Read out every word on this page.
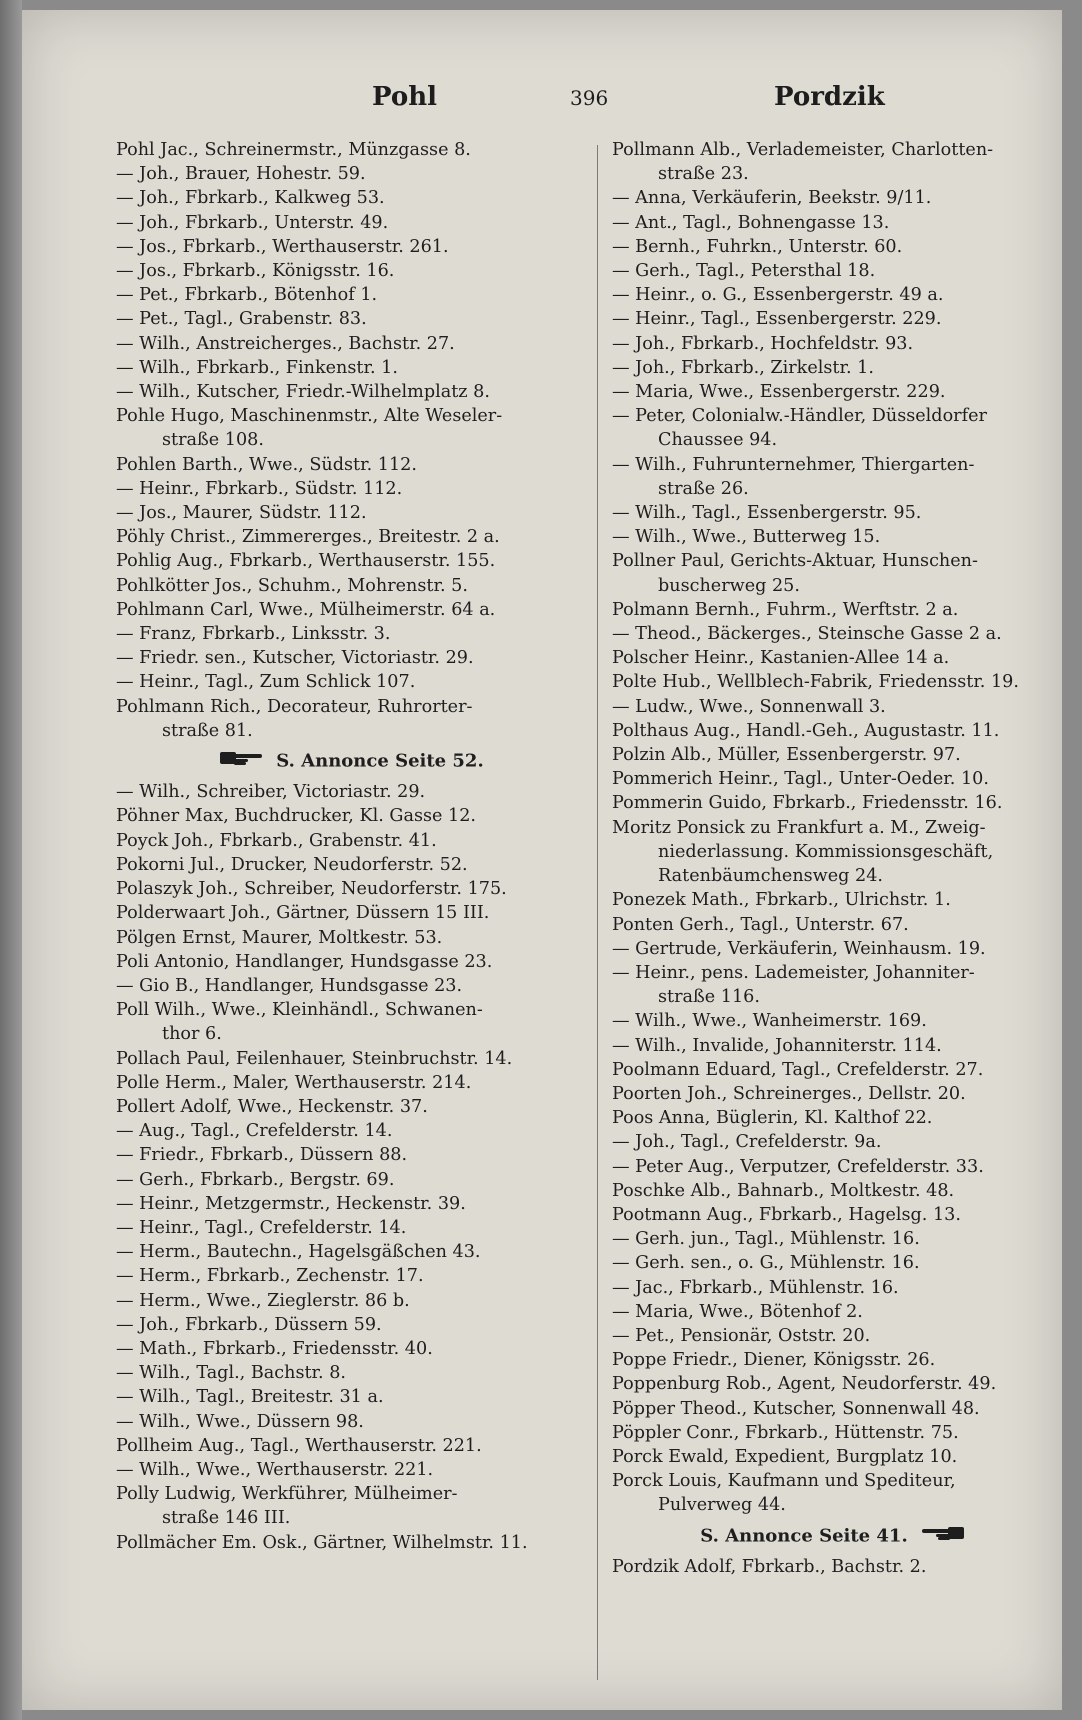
Pohl	396	Pordzik
Pohl Jac., Schreinermstr., Münzgasse 8.
— Joh., Brauer, Hohestr. 59.
— Joh., Fbrkarb., Kalkweg 53.
— Joh., Fbrkarb., Unterstr. 49.
— Jos., Fbrkarb., Werthauserstr. 261.
— Jos., Fbrkarb., Königsstr. 16.
— Pet., Fbrkarb., Bötenhof 1.
— Pet., Tagl., Grabenstr. 83.
— Wilh., Anstreicherges., Bachstr. 27.
— Wilh., Fbrkarb., Finkenstr. 1.
— Wilh., Kutscher, Friedr.-Wilhelmplatz 8.
Pohle Hugo, Maschinenmstr., Alte Weseler-
straße 108.
Pohlen Barth., Wwe., Südstr. 112.
— Heinr., Fbrkarb., Südstr. 112.
— Jos., Maurer, Südstr. 112.
Pöhly Christ., Zimmererges., Breitestr. 2 a.
Pohlig Aug., Fbrkarb., Werthauserstr. 155.
Pohlkötter Jos., Schuhm., Mohrenstr. 5.
Pohlmann Carl, Wwe., Mülheimerstr. 64 a.
— Franz, Fbrkarb., Linksstr. 3.
— Friedr. sen., Kutscher, Victoriastr. 29.
— Heinr., Tagl., Zum Schlick 107.
Pohlmann Rich., Decorateur, Ruhrorter-
straße 81.
S. Annonce Seite 52.
— Wilh., Schreiber, Victoriastr. 29.
Pöhner Max, Buchdrucker, Kl. Gasse 12.
Poyck Joh., Fbrkarb., Grabenstr. 41.
Pokorni Jul., Drucker, Neudorferstr. 52.
Polaszyk Joh., Schreiber, Neudorferstr. 175.
Polderwaart Joh., Gärtner, Düssern 15 III.
Pölgen Ernst, Maurer, Moltkestr. 53.
Poli Antonio, Handlanger, Hundsgasse 23.
— Gio B., Handlanger, Hundsgasse 23.
Poll Wilh., Wwe., Kleinhändl., Schwanen-
thor 6.
Pollach Paul, Feilenhauer, Steinbruchstr. 14.
Polle Herm., Maler, Werthauserstr. 214.
Pollert Adolf, Wwe., Heckenstr. 37.
— Aug., Tagl., Crefelderstr. 14.
— Friedr., Fbrkarb., Düssern 88.
— Gerh., Fbrkarb., Bergstr. 69.
— Heinr., Metzgermstr., Heckenstr. 39.
— Heinr., Tagl., Crefelderstr. 14.
— Herm., Bautechn., Hagelsgäßchen 43.
— Herm., Fbrkarb., Zechenstr. 17.
— Herm., Wwe., Zieglerstr. 86 b.
— Joh., Fbrkarb., Düssern 59.
— Math., Fbrkarb., Friedensstr. 40.
— Wilh., Tagl., Bachstr. 8.
— Wilh., Tagl., Breitestr. 31 a.
— Wilh., Wwe., Düssern 98.
Pollheim Aug., Tagl., Werthauserstr. 221.
— Wilh., Wwe., Werthauserstr. 221.
Polly Ludwig, Werkführer, Mülheimer-
straße 146 III.
Pollmächer Em. Osk., Gärtner, Wilhelmstr. 11.
Pollmann Alb., Verlademeister, Charlotten-
straße 23.
— Anna, Verkäuferin, Beekstr. 9/11.
— Ant., Tagl., Bohnengasse 13.
— Bernh., Fuhrkn., Unterstr. 60.
— Gerh., Tagl., Petersthal 18.
— Heinr., o. G., Essenbergerstr. 49 a.
— Heinr., Tagl., Essenbergerstr. 229.
— Joh., Fbrkarb., Hochfeldstr. 93.
— Joh., Fbrkarb., Zirkelstr. 1.
— Maria, Wwe., Essenbergerstr. 229.
— Peter, Colonialw.-Händler, Düsseldorfer
Chaussee 94.
— Wilh., Fuhrunternehmer, Thiergarten-
straße 26.
— Wilh., Tagl., Essenbergerstr. 95.
— Wilh., Wwe., Butterweg 15.
Pollner Paul, Gerichts-Aktuar, Hunschen-
buscherweg 25.
Polmann Bernh., Fuhrm., Werftstr. 2 a.
— Theod., Bäckerges., Steinsche Gasse 2 a.
Polscher Heinr., Kastanien-Allee 14 a.
Polte Hub., Wellblech-Fabrik, Friedensstr. 19.
— Ludw., Wwe., Sonnenwall 3.
Polthaus Aug., Handl.-Geh., Augustastr. 11.
Polzin Alb., Müller, Essenbergerstr. 97.
Pommerich Heinr., Tagl., Unter-Oeder. 10.
Pommerin Guido, Fbrkarb., Friedensstr. 16.
Moritz Ponsick zu Frankfurt a. M., Zweig-
niederlassung. Kommissionsgeschäft,
Ratenbäumchensweg 24.
Ponezek Math., Fbrkarb., Ulrichstr. 1.
Ponten Gerh., Tagl., Unterstr. 67.
— Gertrude, Verkäuferin, Weinhausm. 19.
— Heinr., pens. Lademeister, Johanniter-
straße 116.
— Wilh., Wwe., Wanheimerstr. 169.
— Wilh., Invalide, Johanniterstr. 114.
Poolmann Eduard, Tagl., Crefelderstr. 27.
Poorten Joh., Schreinerges., Dellstr. 20.
Poos Anna, Büglerin, Kl. Kalthof 22.
— Joh., Tagl., Crefelderstr. 9a.
— Peter Aug., Verputzer, Crefelderstr. 33.
Poschke Alb., Bahnarb., Moltkestr. 48.
Pootmann Aug., Fbrkarb., Hagelsg. 13.
— Gerh. jun., Tagl., Mühlenstr. 16.
— Gerh. sen., o. G., Mühlenstr. 16.
— Jac., Fbrkarb., Mühlenstr. 16.
— Maria, Wwe., Bötenhof 2.
— Pet., Pensionär, Oststr. 20.
Poppe Friedr., Diener, Königsstr. 26.
Poppenburg Rob., Agent, Neudorferstr. 49.
Pöpper Theod., Kutscher, Sonnenwall 48.
Pöppler Conr., Fbrkarb., Hüttenstr. 75.
Porck Ewald, Expedient, Burgplatz 10.
Porck Louis, Kaufmann und Spediteur,
Pulverweg 44.
S. Annonce Seite 41.
Pordzik Adolf, Fbrkarb., Bachstr. 2.
